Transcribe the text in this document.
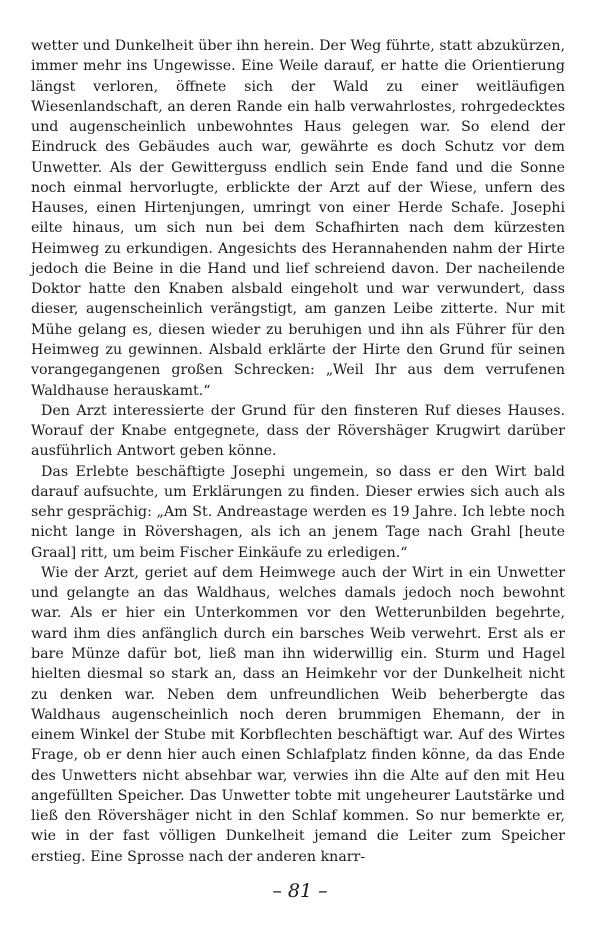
wetter und Dunkelheit über ihn herein. Der Weg führte, statt abzukürzen, immer mehr ins Ungewisse. Eine Weile darauf, er hatte die Orientierung längst verloren, öffnete sich der Wald zu einer weitläufigen Wiesenlandschaft, an deren Rande ein halb verwahrlostes, rohrgedecktes und augenscheinlich unbewohntes Haus gelegen war. So elend der Eindruck des Gebäudes auch war, gewährte es doch Schutz vor dem Unwetter. Als der Gewitterguss endlich sein Ende fand und die Sonne noch einmal hervorlugte, erblickte der Arzt auf der Wiese, unfern des Hauses, einen Hirtenjungen, umringt von einer Herde Schafe. Josephi eilte hinaus, um sich nun bei dem Schafhirten nach dem kürzesten Heimweg zu erkundigen. Angesichts des Herannahenden nahm der Hirte jedoch die Beine in die Hand und lief schreiend davon. Der nacheilende Doktor hatte den Knaben alsbald eingeholt und war verwundert, dass dieser, augenscheinlich verängstigt, am ganzen Leibe zitterte. Nur mit Mühe gelang es, diesen wieder zu beruhigen und ihn als Führer für den Heimweg zu gewinnen. Alsbald erklärte der Hirte den Grund für seinen vorangegangenen großen Schrecken: „Weil Ihr aus dem verrufenen Waldhause herauskamt.“

Den Arzt interessierte der Grund für den finsteren Ruf dieses Hauses. Worauf der Knabe entgegnete, dass der Rövershäger Krugwirt darüber ausführlich Antwort geben könne.

Das Erlebte beschäftigte Josephi ungemein, so dass er den Wirt bald darauf aufsuchte, um Erklärungen zu finden. Dieser erwies sich auch als sehr gesprächig: „Am St. Andreastage werden es 19 Jahre. Ich lebte noch nicht lange in Rövershagen, als ich an jenem Tage nach Grahl [heute Graal] ritt, um beim Fischer Einkäufe zu erledigen.“

Wie der Arzt, geriet auf dem Heimwege auch der Wirt in ein Unwetter und gelangte an das Waldhaus, welches damals jedoch noch bewohnt war. Als er hier ein Unterkommen vor den Wetterunbilden begehrte, ward ihm dies anfänglich durch ein barsches Weib verwehrt. Erst als er bare Münze dafür bot, ließ man ihn widerwillig ein. Sturm und Hagel hielten diesmal so stark an, dass an Heimkehr vor der Dunkelheit nicht zu denken war. Neben dem unfreundlichen Weib beherbergte das Waldhaus augenscheinlich noch deren brummigen Ehemann, der in einem Winkel der Stube mit Korbflechten beschäftigt war. Auf des Wirtes Frage, ob er denn hier auch einen Schlafplatz finden könne, da das Ende des Unwetters nicht absehbar war, verwies ihn die Alte auf den mit Heu angefüllten Speicher. Das Unwetter tobte mit ungeheurer Lautstärke und ließ den Rövershäger nicht in den Schlaf kommen. So nur bemerkte er, wie in der fast völligen Dunkelheit jemand die Leiter zum Speicher erstieg. Eine Sprosse nach der anderen knarr-

– 81 –
